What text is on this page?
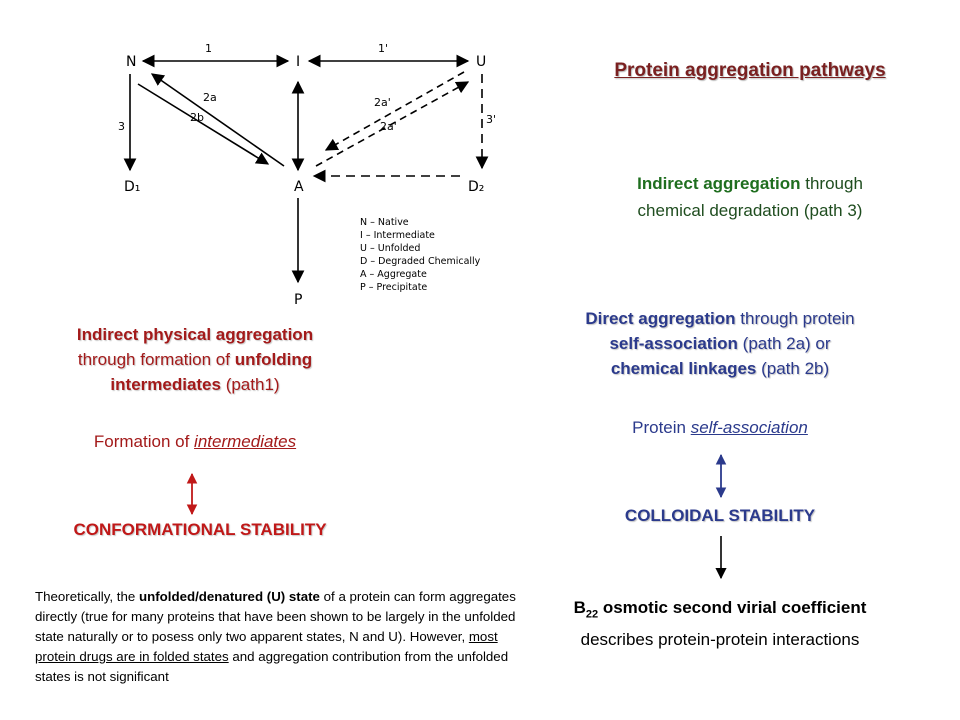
N	I	U
D₁	A	D₂
P
1	1'
3
2a
2b
2a'
2a'
3'
N – Native
I – Intermediate
U – Unfolded
D – Degraded Chemically
A – Aggregate
P – Precipitate
Protein aggregation pathways
Indirect aggregation through
chemical degradation (path 3)
Direct aggregation through protein
self-association (path 2a) or
chemical linkages (path 2b)
Protein self-association
COLLOIDAL STABILITY
$B_{22}$ osmotic second virial coefficient
describes protein-protein interactions
Indirect physical aggregation
through formation of unfolding
intermediates (path1)
Formation of intermediates
CONFORMATIONAL STABILITY
Theoretically, the unfolded/denatured (U) state of a protein can form aggregates directly (true for many proteins that have been shown to be largely in the unfolded state naturally or to posess only two apparent states, N and U). However, most protein drugs are in folded states and aggregation contribution from the unfolded states is not significant
